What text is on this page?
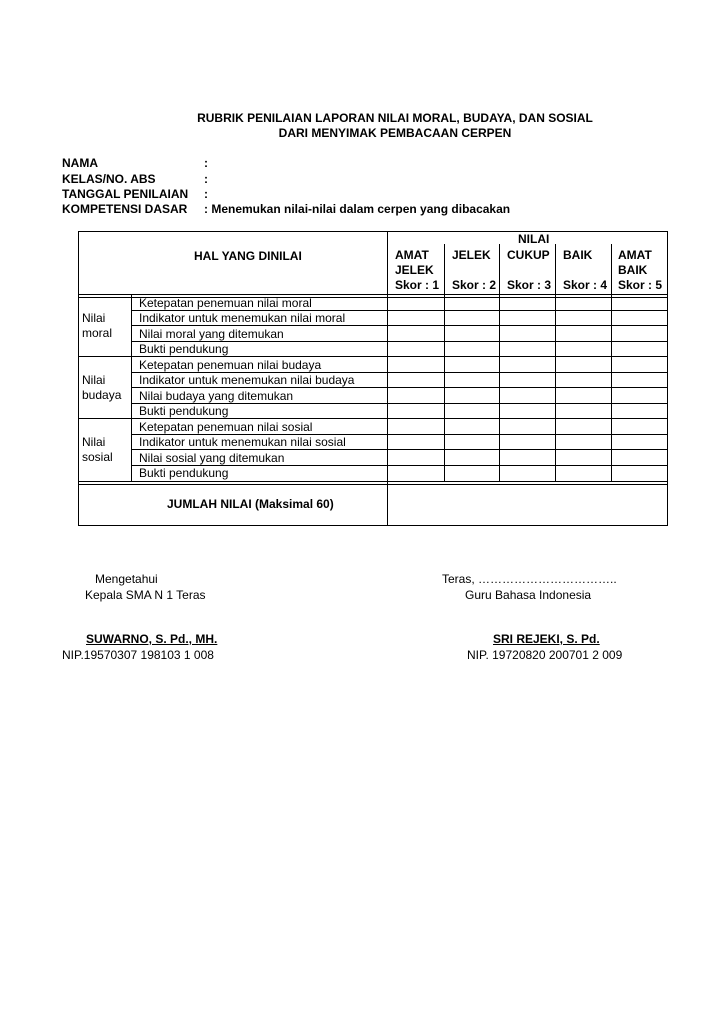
RUBRIK PENILAIAN LAPORAN NILAI MORAL, BUDAYA, DAN SOSIAL
DARI MENYIMAK PEMBACAAN CERPEN
NAMA	:
KELAS/NO. ABS	:
TANGGAL PENILAIAN :
KOMPETENSI DASAR : Menemukan nilai-nilai dalam cerpen yang dibacakan
HAL YANG DINILAI
NILAI
AMAT
JELEK
Skor : 1
JELEK
Skor : 2
CUKUP
Skor : 3
BAIK
Skor : 4
AMAT
BAIK
Skor : 5
Nilai
moral
Nilai
budaya
Nilai
sosial
Ketepatan penemuan nilai moral
Indikator untuk menemukan nilai moral
Nilai moral yang ditemukan
Bukti pendukung
Ketepatan penemuan nilai budaya
Indikator untuk menemukan nilai budaya
Nilai budaya yang ditemukan
Bukti pendukung
Ketepatan penemuan nilai sosial
Indikator untuk menemukan nilai sosial
Nilai sosial yang ditemukan
Bukti pendukung
JUMLAH NILAI (Maksimal 60)
Mengetahui
Kepala SMA N 1 Teras
SUWARNO, S. Pd., MH.
NIP.19570307 198103 1 008
Teras, ……………………………..
Guru Bahasa Indonesia
SRI REJEKI, S. Pd.
NIP. 19720820 200701 2 009
